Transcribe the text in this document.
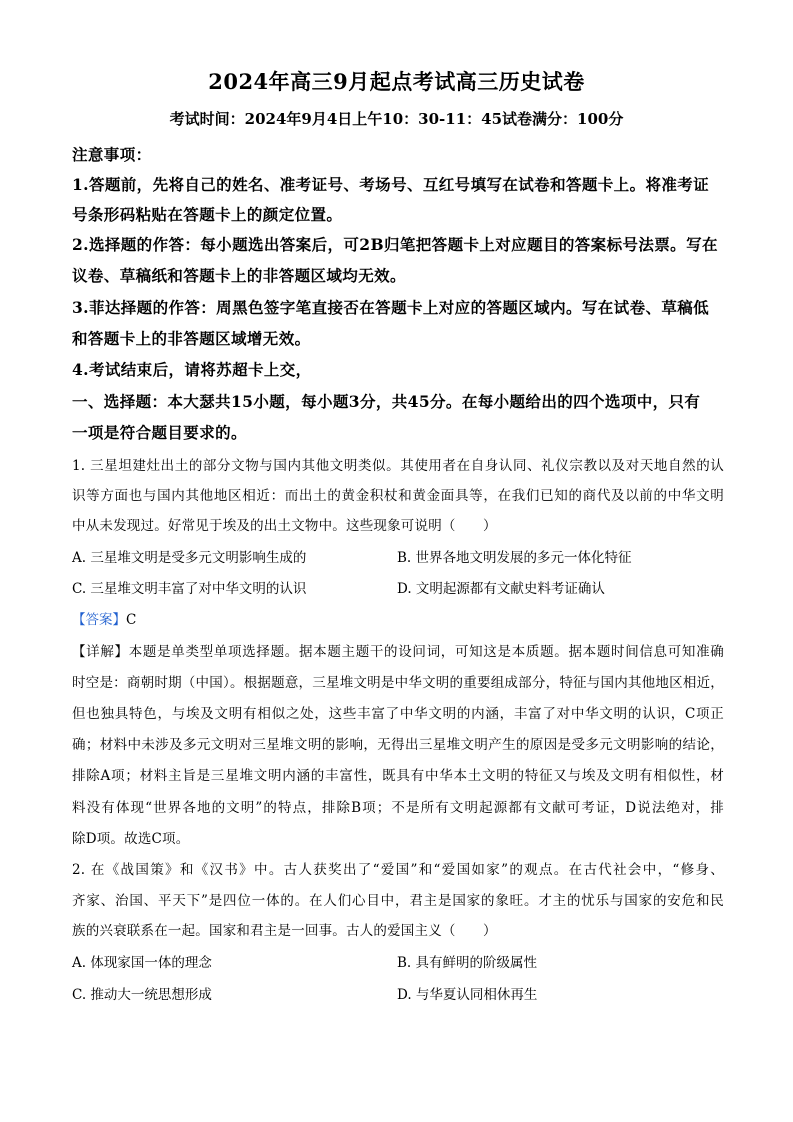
2024年高三9月起点考试高三历史试卷
考试时间：2024年9月4日上午10：30-11：45试卷满分：100分
注意事项：
1.答题前，先将自己的姓名、准考证号、考场号、互红号填写在试卷和答题卡上。将准考证
号条形码粘贴在答题卡上的颜定位置。
2.选择题的作答：每小题选出答案后，可2B归笔把答题卡上对应题目的答案标号法票。写在
议卷、草稿纸和答题卡上的非答题区域均无效。
3.菲达择题的作答：周黑色签字笔直接否在答题卡上对应的答题区域内。写在试卷、草稿低
和答题卡上的非答题区域增无效。
4.考试结束后，请将苏超卡上交，
一、选择题：本大瑟共15小题，每小题3分，共45分。在每小题给出的四个选项中，只有
一项是符合题目要求的。
1. 三星坦建灶出土的部分文物与国内其他文明类似。其使用者在自身认同、礼仪宗教以及对天地自然的认
识等方面也与国内其他地区相近：而出土的黄金积杖和黄金面具等，在我们已知的商代及以前的中华文明
中从未发现过。好常见于埃及的出土文物中。这些现象可说明（　　）
A. 三星堆文明是受多元文明影响生成的	B. 世界各地文明发展的多元一体化特征
C. 三星堆文明丰富了对中华文明的认识	D. 文明起源都有文献史料考证确认
【答案】C
【详解】本题是单类型单项选择题。据本题主题干的设问词，可知这是本质题。据本题时间信息可知准确
时空是：商朝时期（中国）。根据题意，三星堆文明是中华文明的重要组成部分，特征与国内其他地区相近，
但也独具特色，与埃及文明有相似之处，这些丰富了中华文明的内涵，丰富了对中华文明的认识，C项正
确；材料中未涉及多元文明对三星堆文明的影响，无得出三星堆文明产生的原因是受多元文明影响的结论，
排除A项；材料主旨是三星堆文明内涵的丰富性，既具有中华本土文明的特征又与埃及文明有相似性，材
料没有体现“世界各地的文明”的特点，排除B项；不是所有文明起源都有文献可考证，D说法绝对，排
除D项。故选C项。
2. 在《战国策》和《汉书》中。古人获奖出了“爱国”和“爱国如家”的观点。在古代社会中，“修身、
齐家、治国、平天下”是四位一体的。在人们心目中，君主是国家的象旺。才主的忧乐与国家的安危和民
族的兴衰联系在一起。国家和君主是一回事。古人的爱国主义（　　）
A. 体现家国一体的理念	B. 具有鲜明的阶级属性
C. 推动大一统思想形成	D. 与华夏认同相休再生
